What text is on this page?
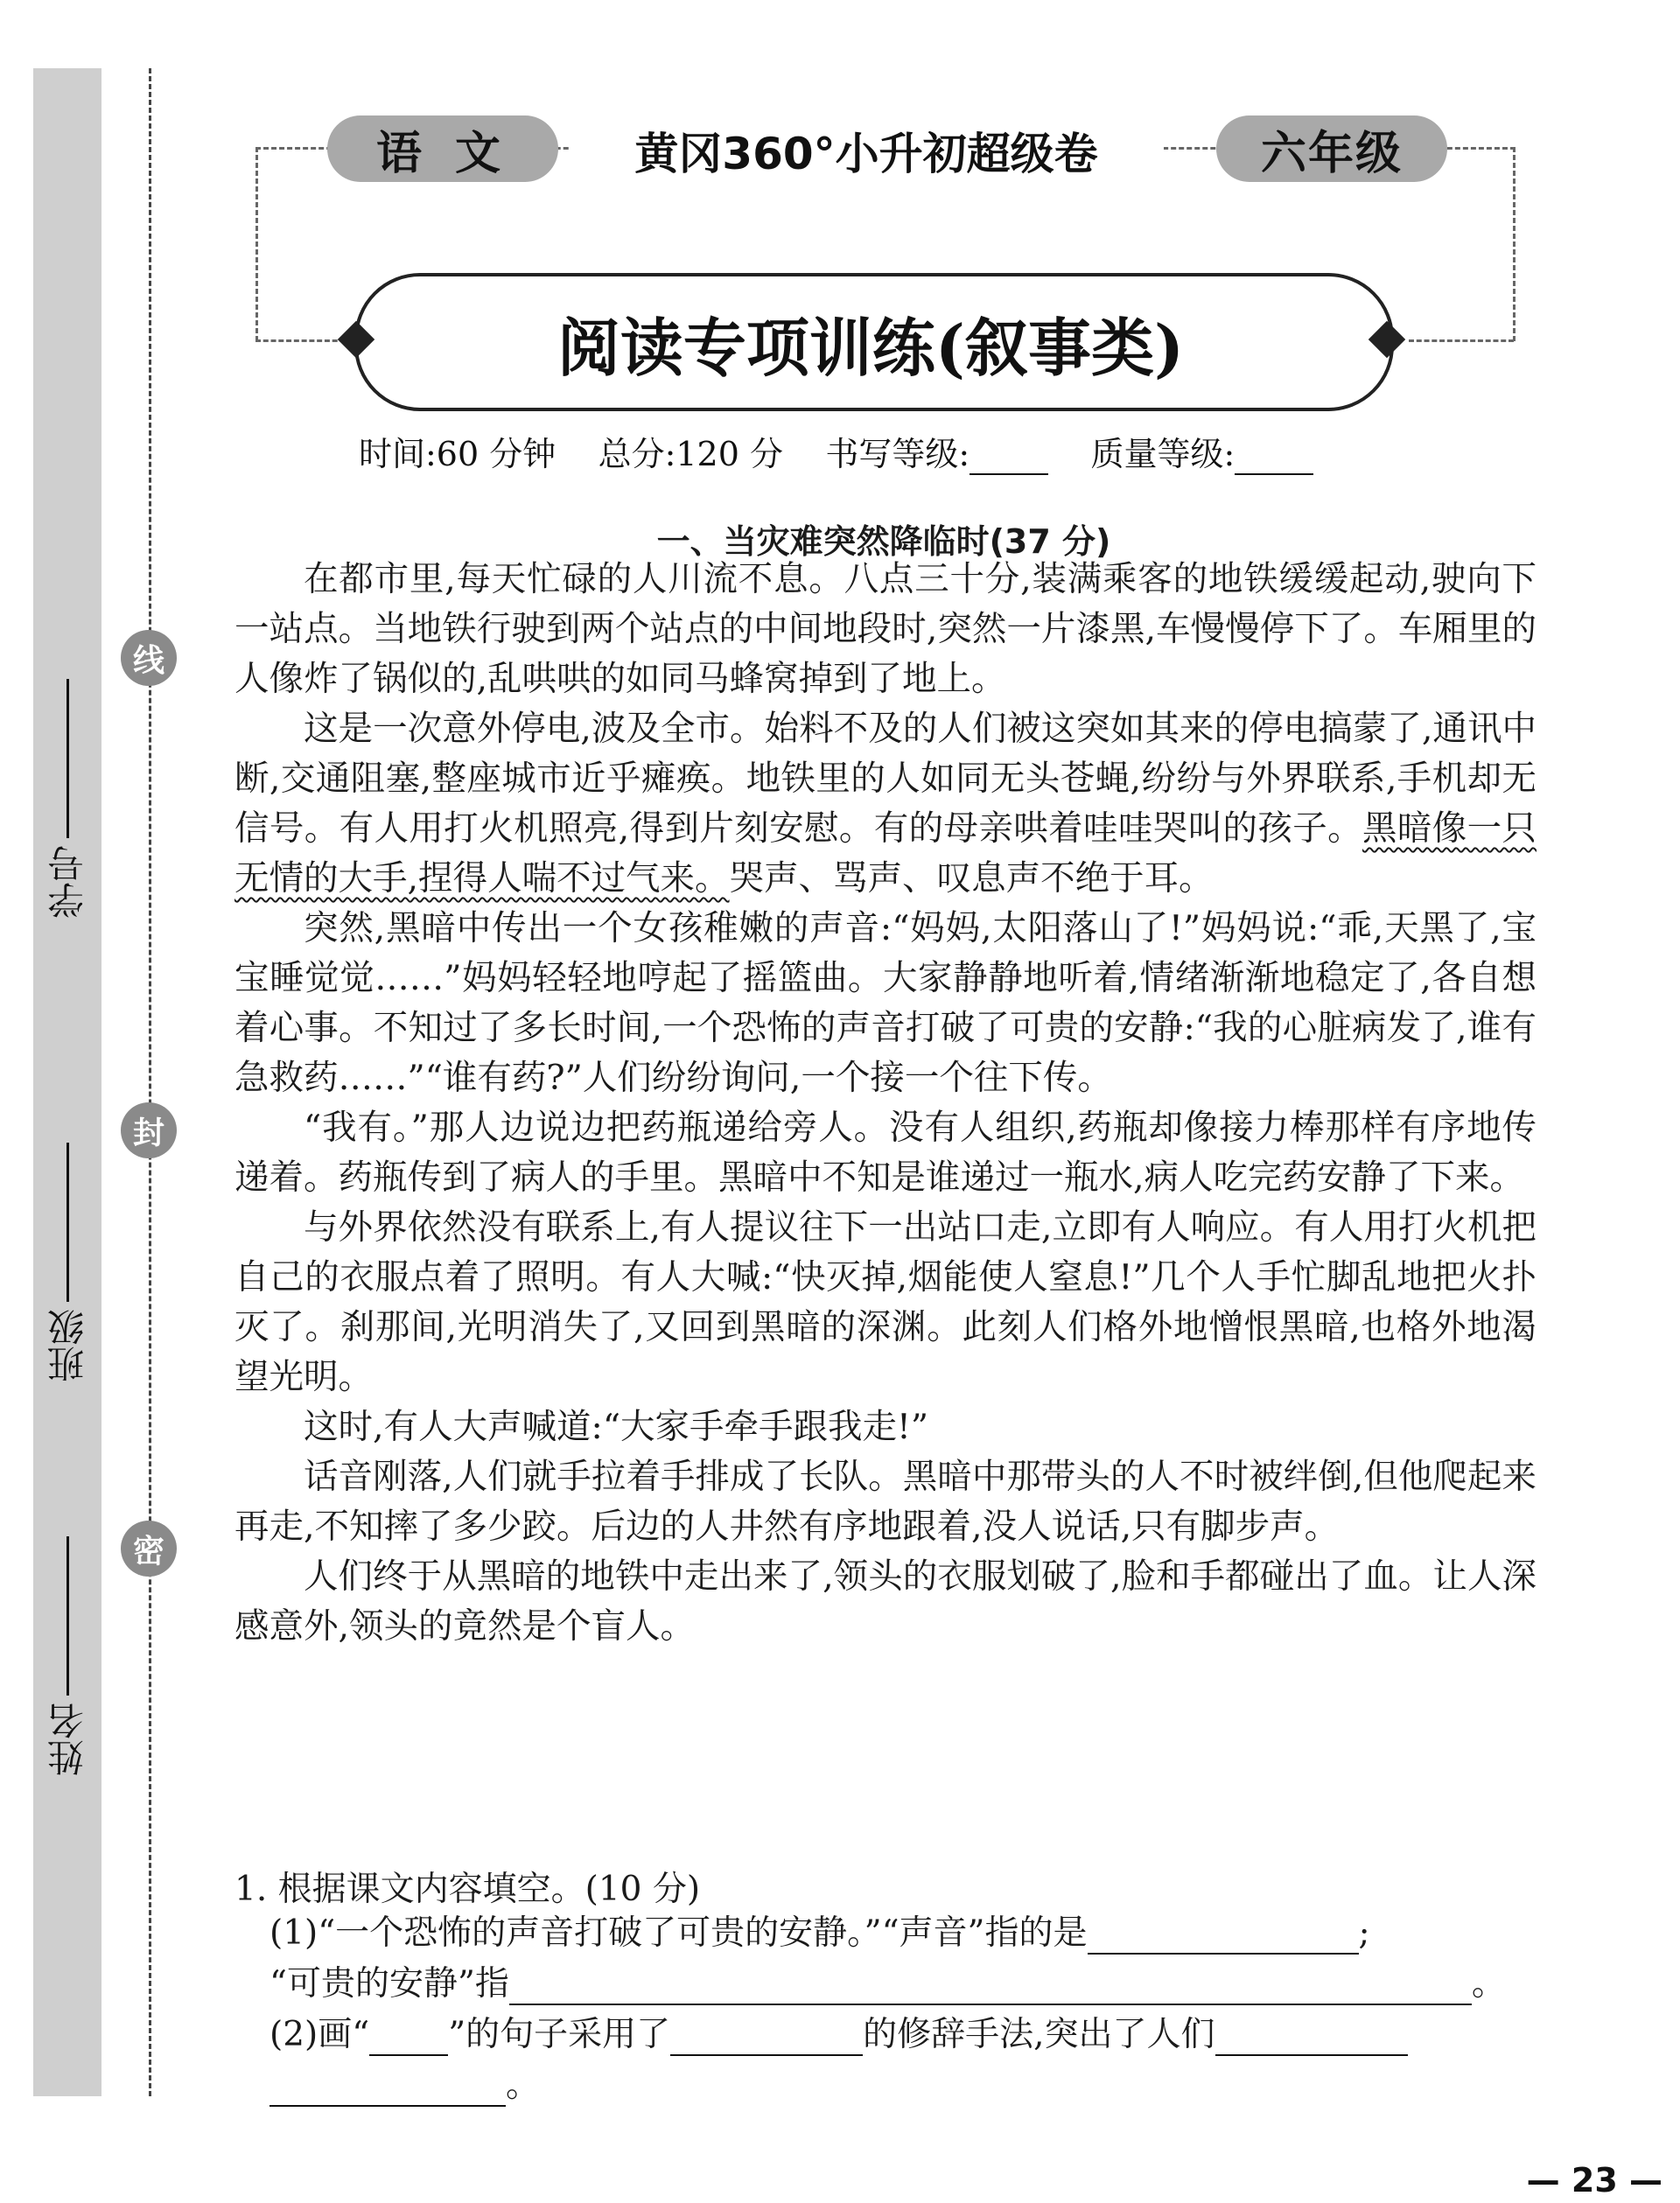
学号
班级
姓名
线
封
密
语 文	黄冈360°小升初超级卷	六年级
阅读专项训练(叙事类)
时间:60 分钟 总分:120 分 书写等级:	质量等级:
一、当灾难突然降临时(37 分)

在都市里,每天忙碌的人川流不息。八点三十分,装满乘客的地铁缓缓起动,驶向下一站点。当地铁行驶到两个站点的中间地段时,突然一片漆黑,车慢慢停下了。车厢里的人像炸了锅似的,乱哄哄的如同马蜂窝掉到了地上。

这是一次意外停电,波及全市。始料不及的人们被这突如其来的停电搞蒙了,通讯中断,交通阻塞,整座城市近乎瘫痪。地铁里的人如同无头苍蝇,纷纷与外界联系,手机却无信号。有人用打火机照亮,得到片刻安慰。有的母亲哄着哇哇哭叫的孩子。黑暗像一只无情的大手,捏得人喘不过气来。哭声、骂声、叹息声不绝于耳。

突然,黑暗中传出一个女孩稚嫩的声音:“妈妈,太阳落山了!”妈妈说:“乖,天黑了,宝宝睡觉觉……”妈妈轻轻地哼起了摇篮曲。大家静静地听着,情绪渐渐地稳定了,各自想着心事。不知过了多长时间,一个恐怖的声音打破了可贵的安静:“我的心脏病发了,谁有急救药……”“谁有药?”人们纷纷询问,一个接一个往下传。

“我有。”那人边说边把药瓶递给旁人。没有人组织,药瓶却像接力棒那样有序地传递着。药瓶传到了病人的手里。黑暗中不知是谁递过一瓶水,病人吃完药安静了下来。

与外界依然没有联系上,有人提议往下一出站口走,立即有人响应。有人用打火机把自己的衣服点着了照明。有人大喊:“快灭掉,烟能使人窒息!”几个人手忙脚乱地把火扑灭了。刹那间,光明消失了,又回到黑暗的深渊。此刻人们格外地憎恨黑暗,也格外地渴望光明。

这时,有人大声喊道:“大家手牵手跟我走!”

话音刚落,人们就手拉着手排成了长队。黑暗中那带头的人不时被绊倒,但他爬起来再走,不知摔了多少跤。后边的人井然有序地跟着,没人说话,只有脚步声。

人们终于从黑暗的地铁中走出来了,领头的衣服划破了,脸和手都碰出了血。让人深感意外,领头的竟然是个盲人。

1. 根据课文内容填空。(10 分)
(1)“一个恐怖的声音打破了可贵的安静。”“声音”指的是	;
“可贵的安静”指	。
(2)画“ ”的句子采用了	的修辞手法,突出了人们
。
— 23 —
